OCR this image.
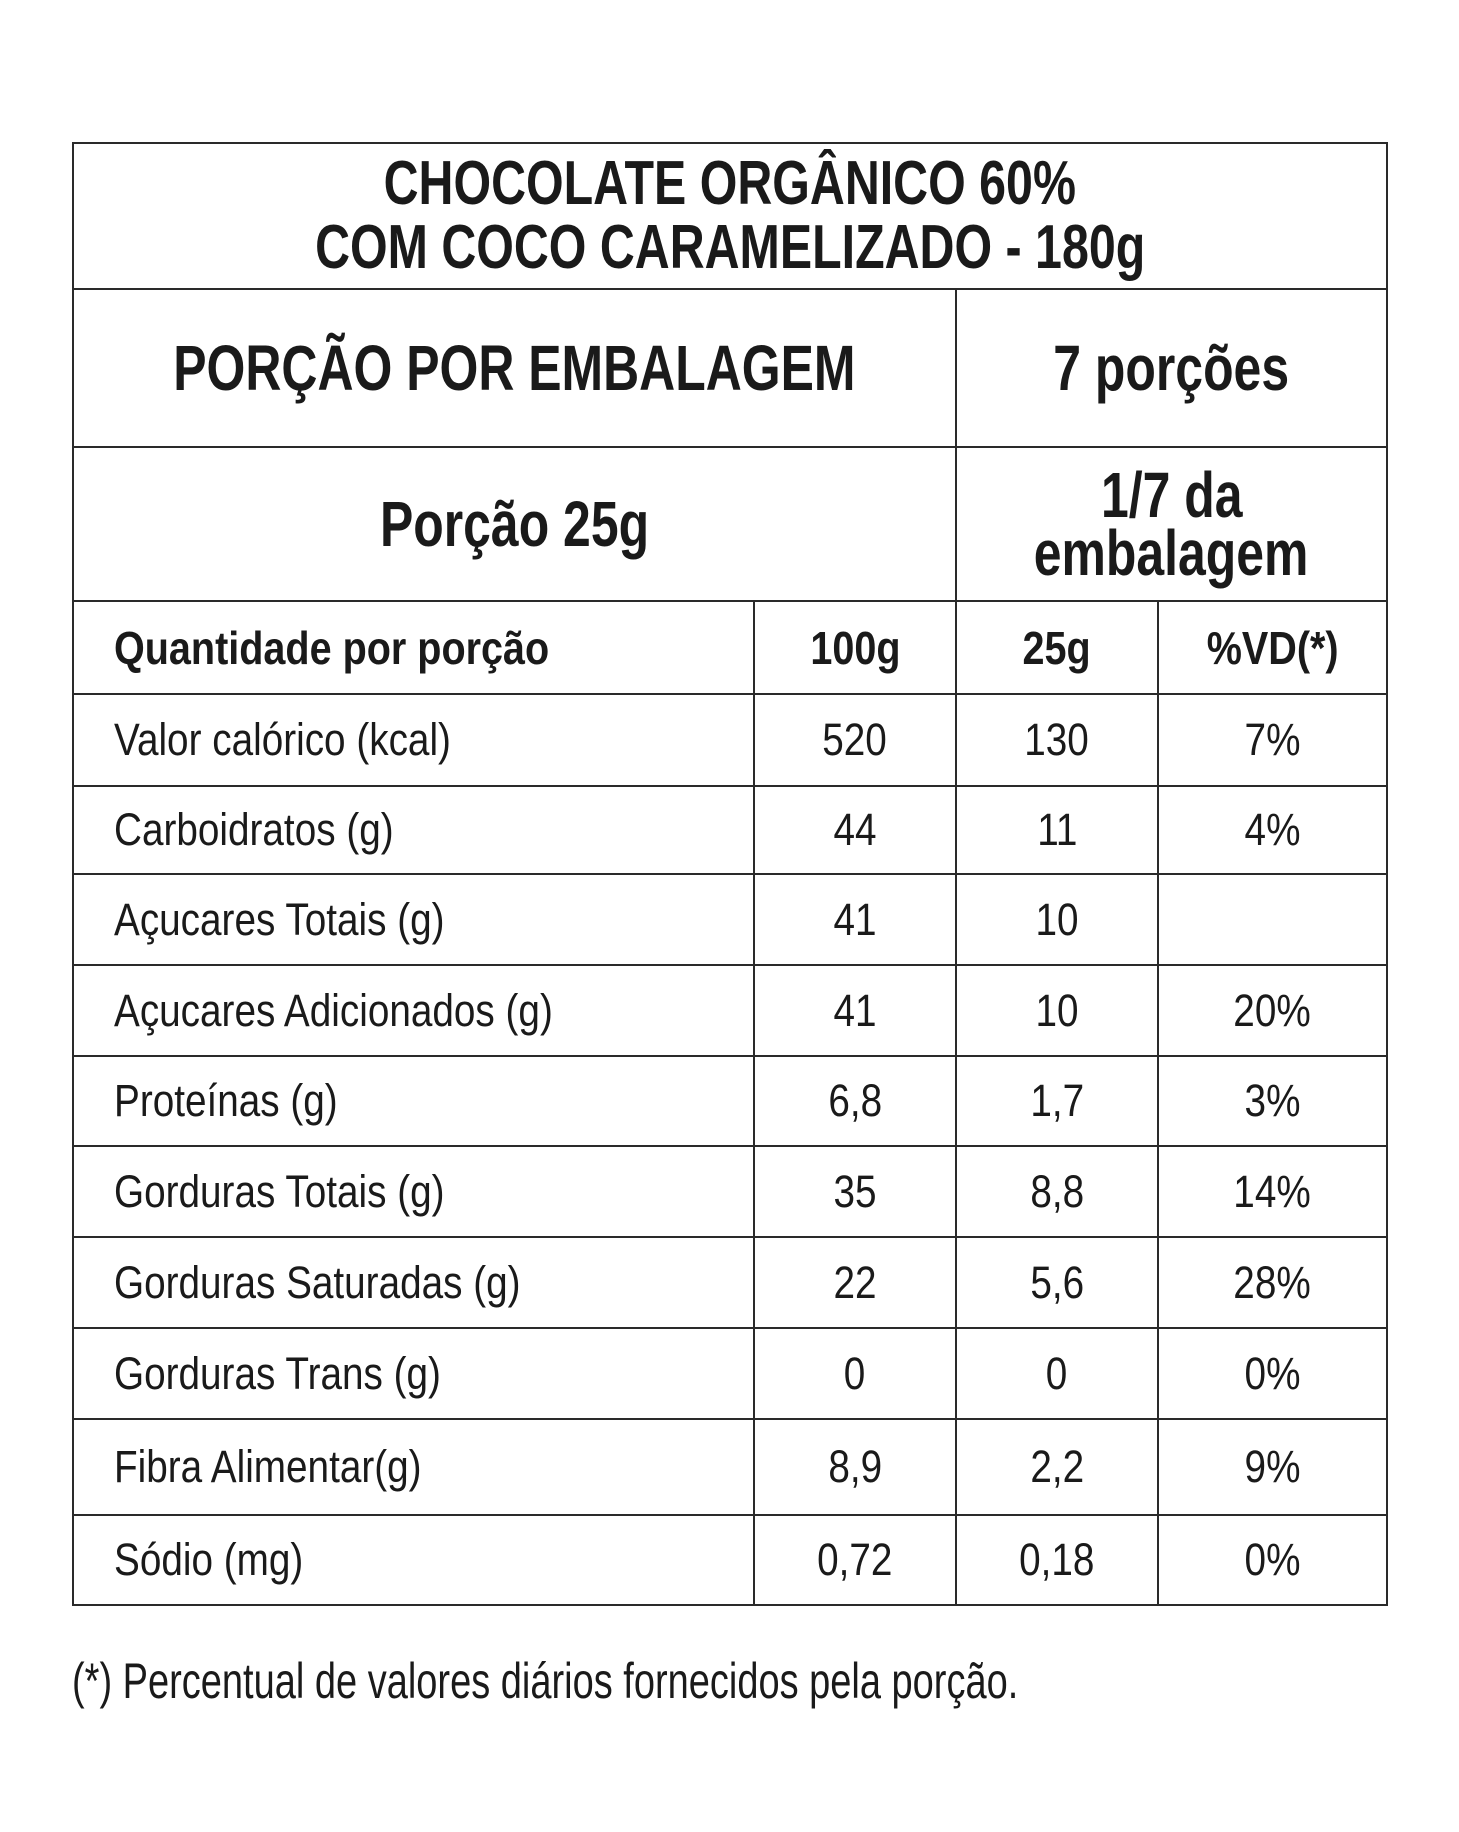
CHOCOLATE ORGÂNICO 60%
COM COCO CARAMELIZADO - 180g			
PORÇÃO POR EMBALAGEM		7 porções	
Porção 25g		1/7 da
embalagem	
Quantidade por porção	100g	25g	%VD(*)
Valor calórico (kcal)	520	130	7%
Carboidratos (g)	44	11	4%
Açucares Totais (g)	41	10	
Açucares Adicionados (g)	41	10	20%
Proteínas (g)	6,8	1,7	3%
Gorduras Totais (g)	35	8,8	14%
Gorduras Saturadas (g)	22	5,6	28%
Gorduras Trans (g)	0	0	0%
Fibra Alimentar(g)	8,9	2,2	9%
Sódio (mg)	0,72	0,18	0%
(*) Percentual de valores diários fornecidos pela porção.
